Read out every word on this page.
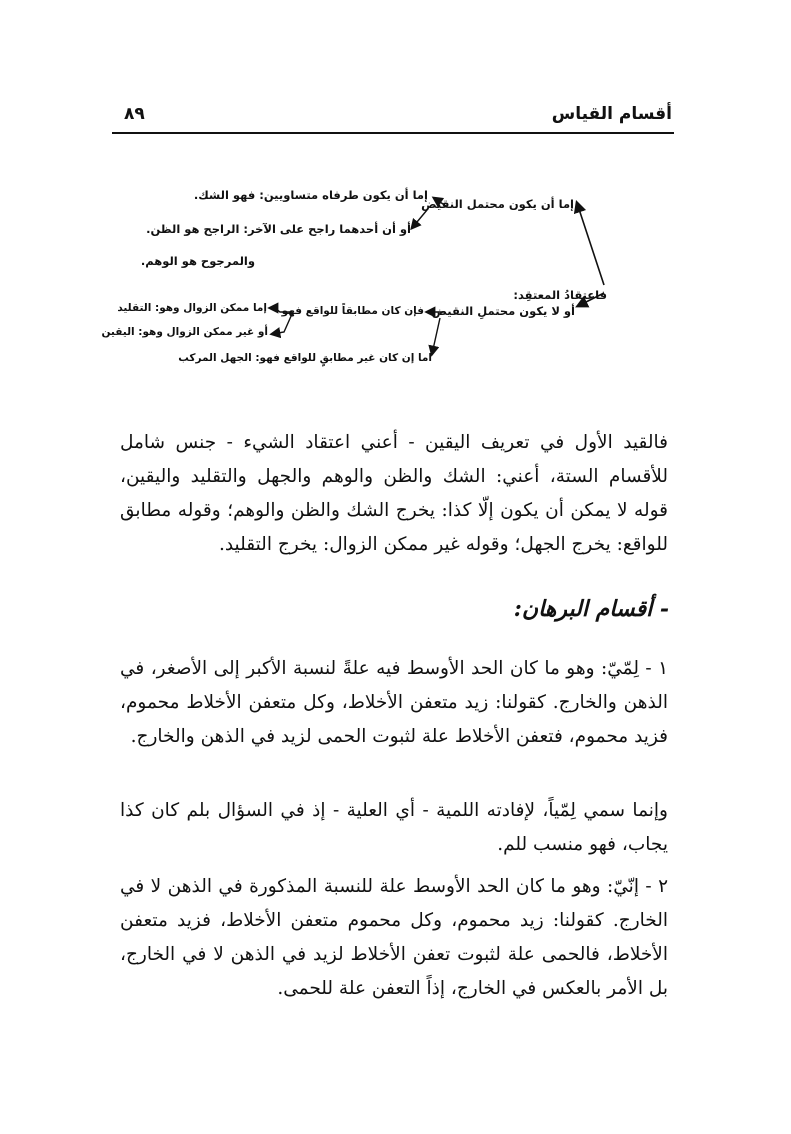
أقسام القياس
٨٩
فاعتقادُ المعتقِد:
إما أن يكون محتمل النقيض
إما أن يكون طرفاه متساويين: فهو الشك.
أو أن أحدهما راجح على الآخر: الراجح هو الظن.
والمرجوح هو الوهم.
أو لا يكون محتملِ النقيض
فإن كان مطابقاً للواقع فهو
إما ممكن الزوال وهو: التقليد
أو غير ممكن الزوال وهو: اليقين
اما إن كان غير مطابقٍ للواقع فهو: الجهل المركب

فالقيد الأول في تعريف اليقين - أعني اعتقاد الشيء - جنس شامل للأقسام الستة، أعني: الشك والظن والوهم والجهل والتقليد واليقين، قوله لا يمكن أن يكون إلّا كذا: يخرج الشك والظن والوهم؛ وقوله مطابق للواقع: يخرج الجهل؛ وقوله غير ممكن الزوال: يخرج التقليد.

- أقسام البرهان:

١ - لِمّيّ: وهو ما كان الحد الأوسط فيه علةً لنسبة الأكبر إلى الأصغر، في الذهن والخارج. كقولنا: زيد متعفن الأخلاط، وكل متعفن الأخلاط محموم، فزيد محموم، فتعفن الأخلاط علة لثبوت الحمى لزيد في الذهن والخارج.

وإنما سمي لِمّياً، لإفادته اللمية - أي العلية - إذ في السؤال بلم كان كذا يجاب، فهو منسب للم.

٢ - إنّيّ: وهو ما كان الحد الأوسط علة للنسبة المذكورة في الذهن لا في الخارج. كقولنا: زيد محموم، وكل محموم متعفن الأخلاط، فزيد متعفن الأخلاط، فالحمى علة لثبوت تعفن الأخلاط لزيد في الذهن لا في الخارج، بل الأمر بالعكس في الخارج، إذاً التعفن علة للحمى.
